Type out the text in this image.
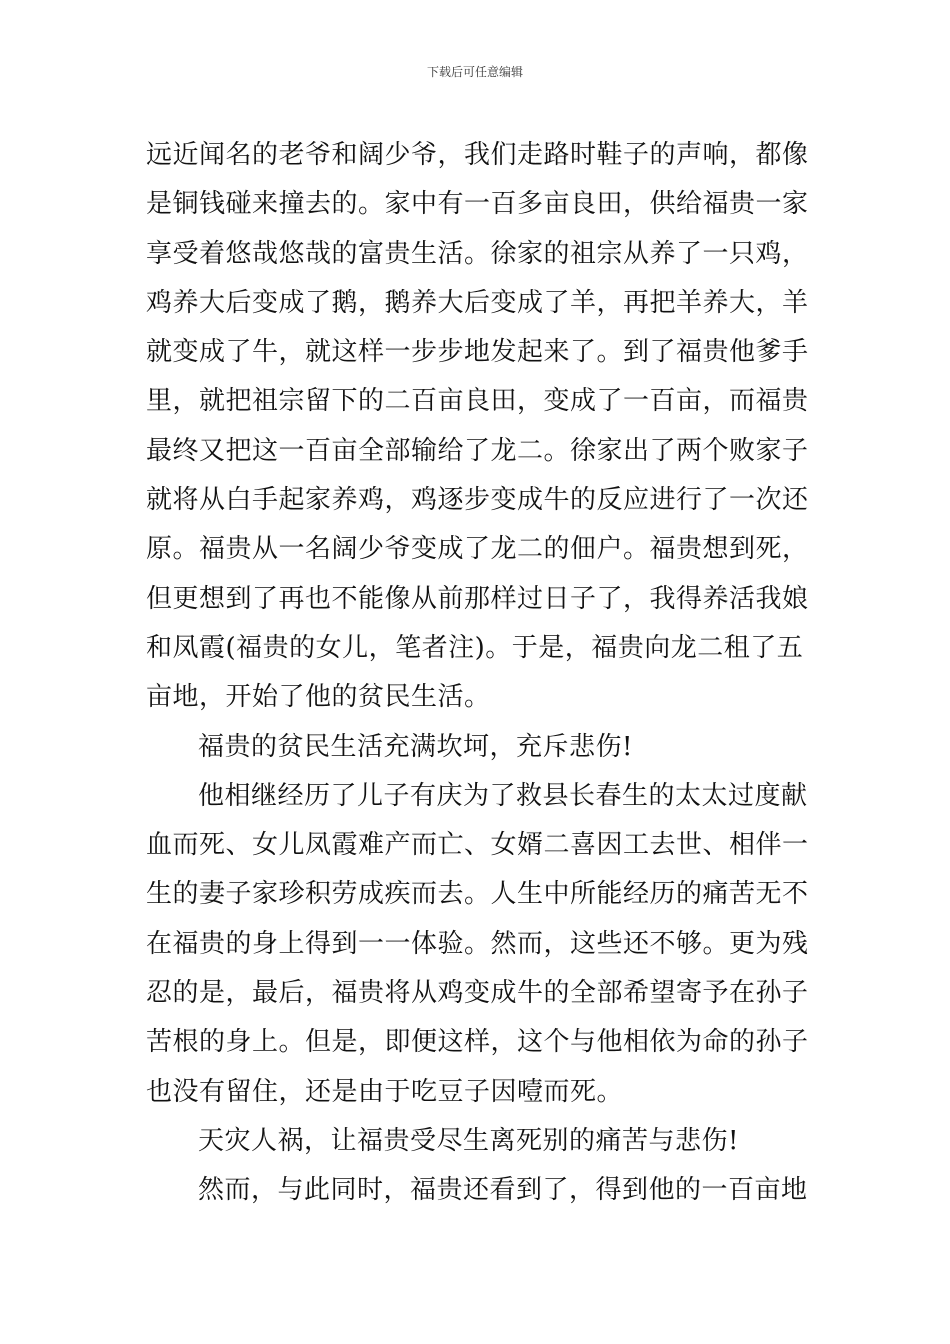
下载后可任意编辑
远近闻名的老爷和阔少爷，我们走路时鞋子的声响，都像
是铜钱碰来撞去的。家中有一百多亩良田，供给福贵一家
享受着悠哉悠哉的富贵生活。徐家的祖宗从养了一只鸡，
鸡养大后变成了鹅，鹅养大后变成了羊，再把羊养大，羊
就变成了牛，就这样一步步地发起来了。到了福贵他爹手
里，就把祖宗留下的二百亩良田，变成了一百亩，而福贵
最终又把这一百亩全部输给了龙二。徐家出了两个败家子
就将从白手起家养鸡，鸡逐步变成牛的反应进行了一次还
原。福贵从一名阔少爷变成了龙二的佃户。福贵想到死，
但更想到了再也不能像从前那样过日子了，我得养活我娘
和凤霞(福贵的女儿，笔者注)。于是，福贵向龙二租了五
亩地，开始了他的贫民生活。
福贵的贫民生活充满坎坷，充斥悲伤!
他相继经历了儿子有庆为了救县长春生的太太过度献
血而死、女儿凤霞难产而亡、女婿二喜因工去世、相伴一
生的妻子家珍积劳成疾而去。人生中所能经历的痛苦无不
在福贵的身上得到一一体验。然而，这些还不够。更为残
忍的是，最后，福贵将从鸡变成牛的全部希望寄予在孙子
苦根的身上。但是，即便这样，这个与他相依为命的孙子
也没有留住，还是由于吃豆子因噎而死。
天灾人祸，让福贵受尽生离死别的痛苦与悲伤!
然而，与此同时，福贵还看到了，得到他的一百亩地
